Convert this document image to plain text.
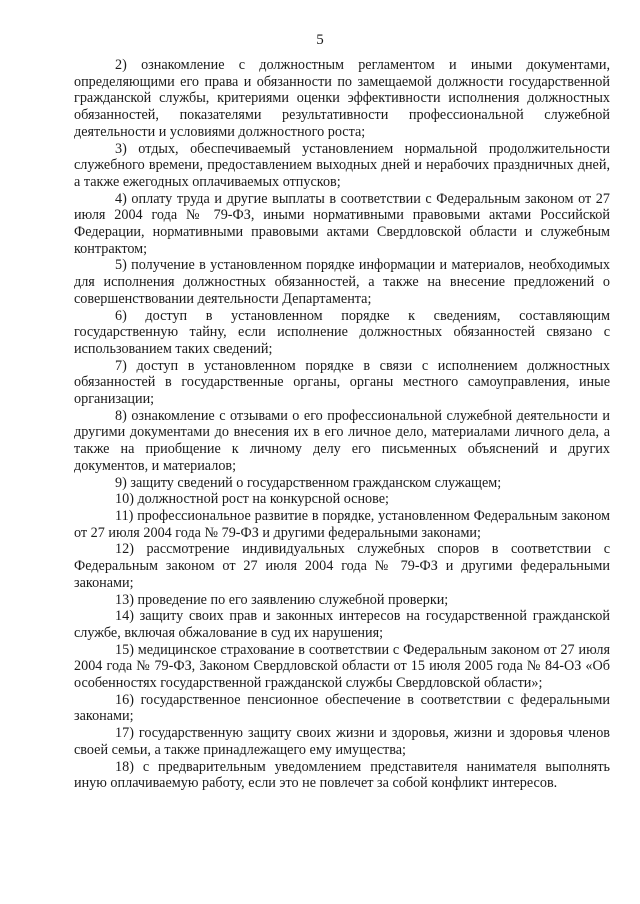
5

2) ознакомление с должностным регламентом и иными документами, определяющими его права и обязанности по замещаемой должности государственной гражданской службы, критериями оценки эффективности исполнения должностных обязанностей, показателями результативности профессиональной служебной деятельности и условиями должностного роста;

3) отдых, обеспечиваемый установлением нормальной продолжительности служебного времени, предоставлением выходных дней и нерабочих праздничных дней, а также ежегодных оплачиваемых отпусков;

4) оплату труда и другие выплаты в соответствии с Федеральным законом от 27 июля 2004 года № 79-ФЗ, иными нормативными правовыми актами Российской Федерации, нормативными правовыми актами Свердловской области и служебным контрактом;

5) получение в установленном порядке информации и материалов, необходимых для исполнения должностных обязанностей, а также на внесение предложений о совершенствовании деятельности Департамента;

6) доступ в установленном порядке к сведениям, составляющим государственную тайну, если исполнение должностных обязанностей связано с использованием таких сведений;

7) доступ в установленном порядке в связи с исполнением должностных обязанностей в государственные органы, органы местного самоуправления, иные организации;

8) ознакомление с отзывами о его профессиональной служебной деятельности и другими документами до внесения их в его личное дело, материалами личного дела, а также на приобщение к личному делу его письменных объяснений и других документов, и материалов;

9) защиту сведений о государственном гражданском служащем;

10) должностной рост на конкурсной основе;

11) профессиональное развитие в порядке, установленном Федеральным законом от 27 июля 2004 года № 79-ФЗ и другими федеральными законами;

12) рассмотрение индивидуальных служебных споров в соответствии с Федеральным законом от 27 июля 2004 года № 79-ФЗ и другими федеральными законами;

13) проведение по его заявлению служебной проверки;

14) защиту своих прав и законных интересов на государственной гражданской службе, включая обжалование в суд их нарушения;

15) медицинское страхование в соответствии с Федеральным законом от 27 июля 2004 года № 79-ФЗ, Законом Свердловской области от 15 июля 2005 года № 84-ОЗ «Об особенностях государственной гражданской службы Свердловской области»;

16) государственное пенсионное обеспечение в соответствии с федеральными законами;

17) государственную защиту своих жизни и здоровья, жизни и здоровья членов своей семьи, а также принадлежащего ему имущества;

18) с предварительным уведомлением представителя нанимателя выполнять иную оплачиваемую работу, если это не повлечет за собой конфликт интересов.
